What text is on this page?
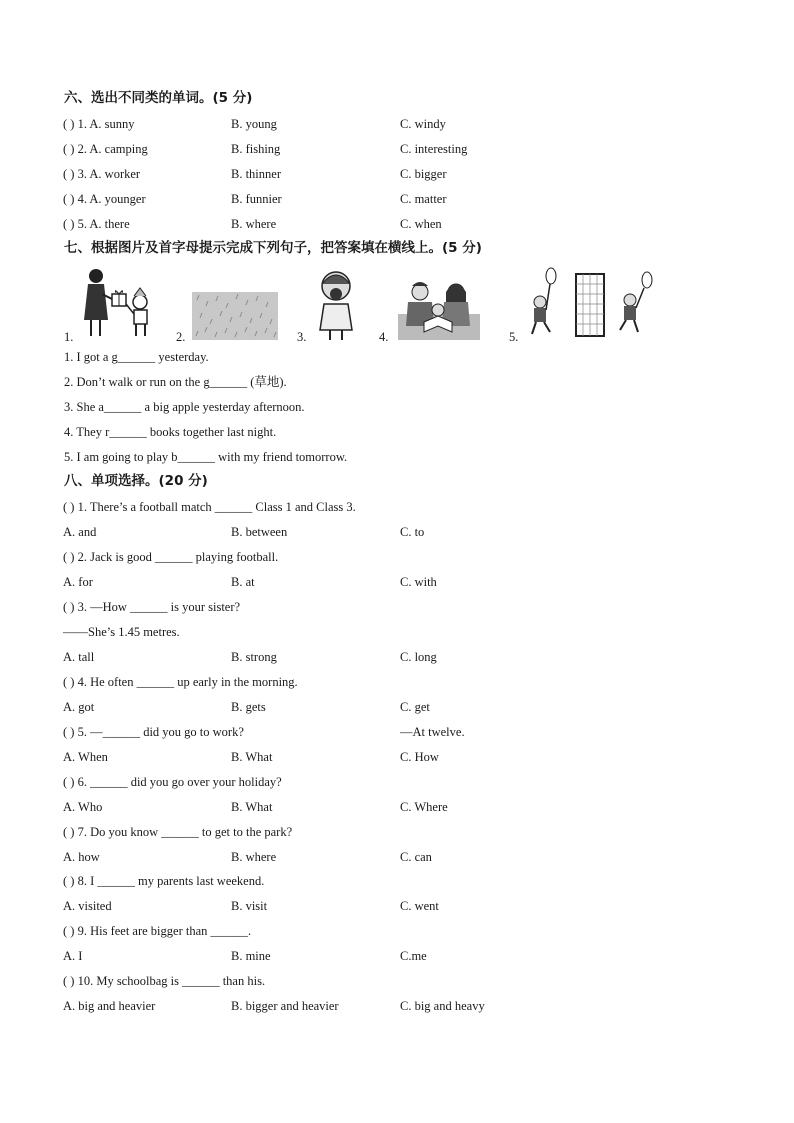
六、选出不同类的单词。(5 分)
( ) 1. A. sunny	B. young	C. windy
( ) 2. A. camping	B. fishing	C. interesting
( ) 3. A. worker	B. thinner	C. bigger
( ) 4. A. younger	B. funnier	C. matter
( ) 5. A. there	B. where	C. when
七、根据图片及首字母提示完成下列句子，把答案填在横线上。(5 分)
1.	2.	3.	4.	5.
1. I got a g______ yesterday.
2. Don’t walk or run on the g______ (草地).
3. She a______ a big apple yesterday afternoon.
4. They r______ books together last night.
5. I am going to play b______ with my friend tomorrow.
八、单项选择。(20 分)
( ) 1. There’s a football match ______ Class 1 and Class 3.
A. and	B. between	C. to
( ) 2. Jack is good ______ playing football.
A. for	B. at	C. with
( ) 3. —How ______ is your sister?
——She’s 1.45 metres.
A. tall	B. strong	C. long
( ) 4. He often ______ up early in the morning.
A. got	B. gets	C. get
( ) 5. —______ did you go to work?	—At twelve.
A. When	B. What	C. How
( ) 6. ______ did you go over your holiday?
A. Who	B. What	C. Where
( ) 7. Do you know ______ to get to the park?
A. how	B. where	C. can
( ) 8. I ______ my parents last weekend.
A. visited	B. visit	C. went
( ) 9. His feet are bigger than ______.
A. I	B. mine	C.me
( ) 10. My schoolbag is ______ than his.
A. big and heavier	B. bigger and heavier	C. big and heavy
